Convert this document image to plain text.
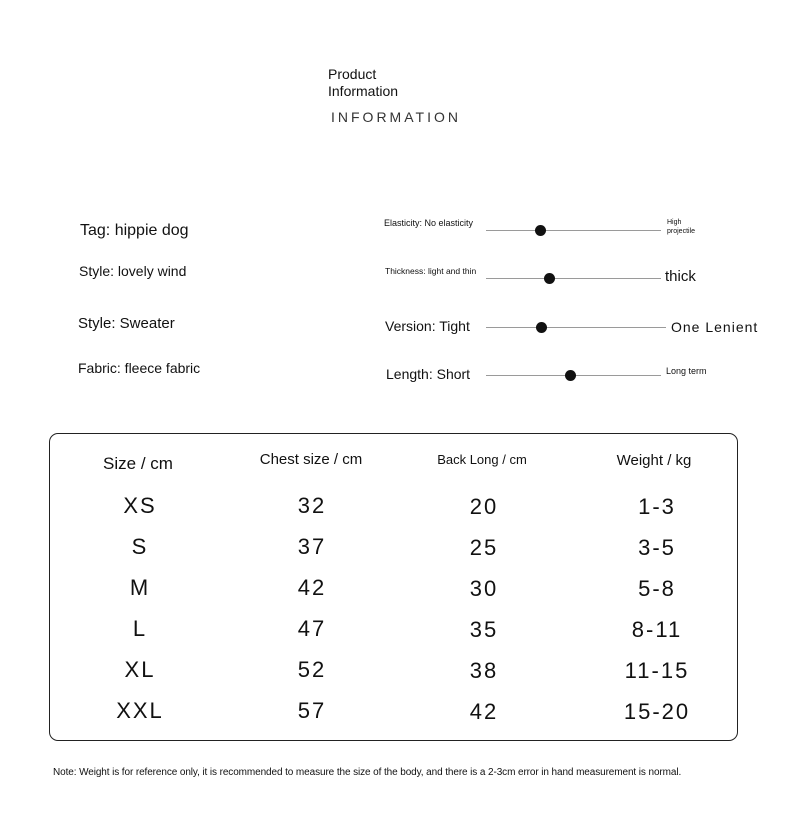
Product
Information
INFORMATION
Tag: hippie dog
Style: lovely wind
Style: Sweater
Fabric: fleece fabric
Elasticity: No elasticity	High
projectile
Thickness: light and thin	thick
Version: Tight	One Lenient
Length: Short	Long term
Size / cm	Chest size / cm	Back Long / cm	Weight / kg
XS	32	20	1-3
S	37	25	3-5
M	42	30	5-8
L	47	35	8-11
XL	52	38	11-15
XXL	57	42	15-20
Note: Weight is for reference only, it is recommended to measure the size of the body, and there is a 2-3cm error in hand measurement is normal.
